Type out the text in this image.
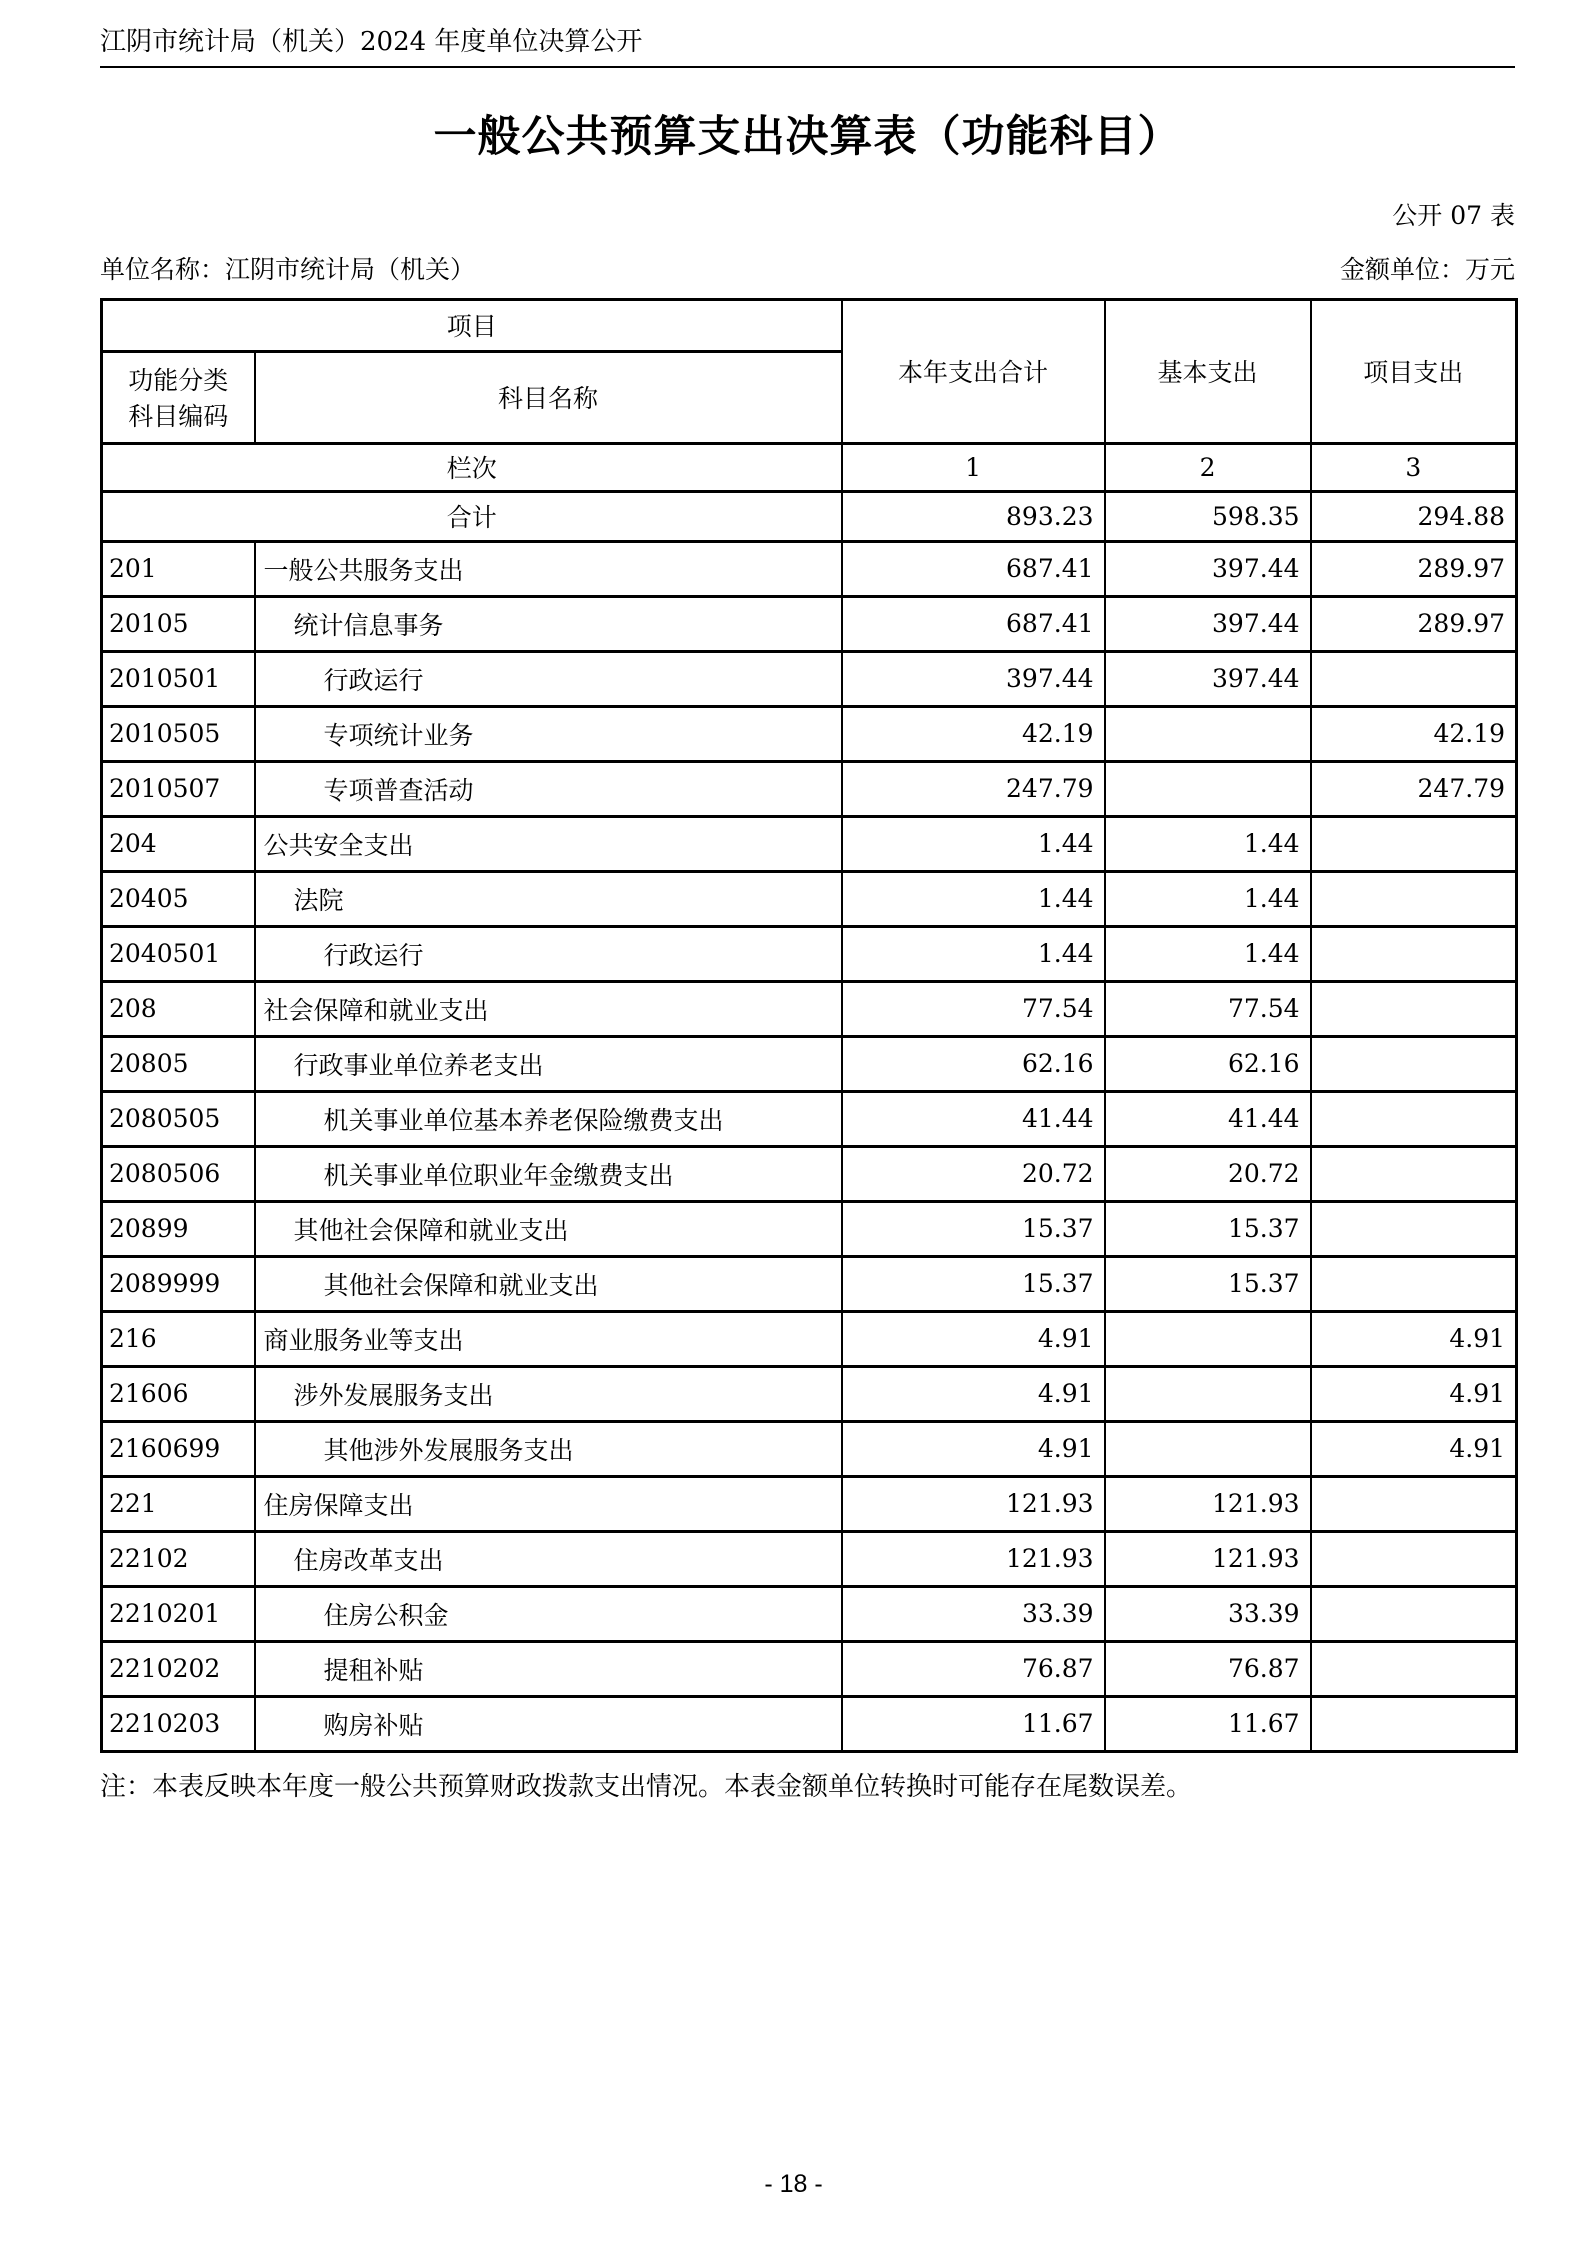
江阴市统计局（机关）2024 年度单位决算公开
一般公共预算支出决算表（功能科目）
公开 07 表
单位名称：江阴市统计局（机关）	金额单位：万元
项目		本年支出合计	基本支出	项目支出

功能分类
科目编码	科目名称			
栏次		1	2	3
合计		893.23	598.35	294.88
201	一般公共服务支出	687.41	397.44	289.97
20105	统计信息事务	687.41	397.44	289.97
2010501	行政运行	397.44	397.44	
2010505	专项统计业务	42.19		42.19
2010507	专项普查活动	247.79		247.79
204	公共安全支出	1.44	1.44	
20405	法院	1.44	1.44	
2040501	行政运行	1.44	1.44	
208	社会保障和就业支出	77.54	77.54	
20805	行政事业单位养老支出	62.16	62.16	
2080505	机关事业单位基本养老保险缴费支出	41.44	41.44	
2080506	机关事业单位职业年金缴费支出	20.72	20.72	
20899	其他社会保障和就业支出	15.37	15.37	
2089999	其他社会保障和就业支出	15.37	15.37	
216	商业服务业等支出	4.91		4.91
21606	涉外发展服务支出	4.91		4.91
2160699	其他涉外发展服务支出	4.91		4.91
221	住房保障支出	121.93	121.93	
22102	住房改革支出	121.93	121.93	
2210201	住房公积金	33.39	33.39	
2210202	提租补贴	76.87	76.87	
2210203	购房补贴	11.67	11.67	
注：本表反映本年度一般公共预算财政拨款支出情况。本表金额单位转换时可能存在尾数误差。
- 18 -
